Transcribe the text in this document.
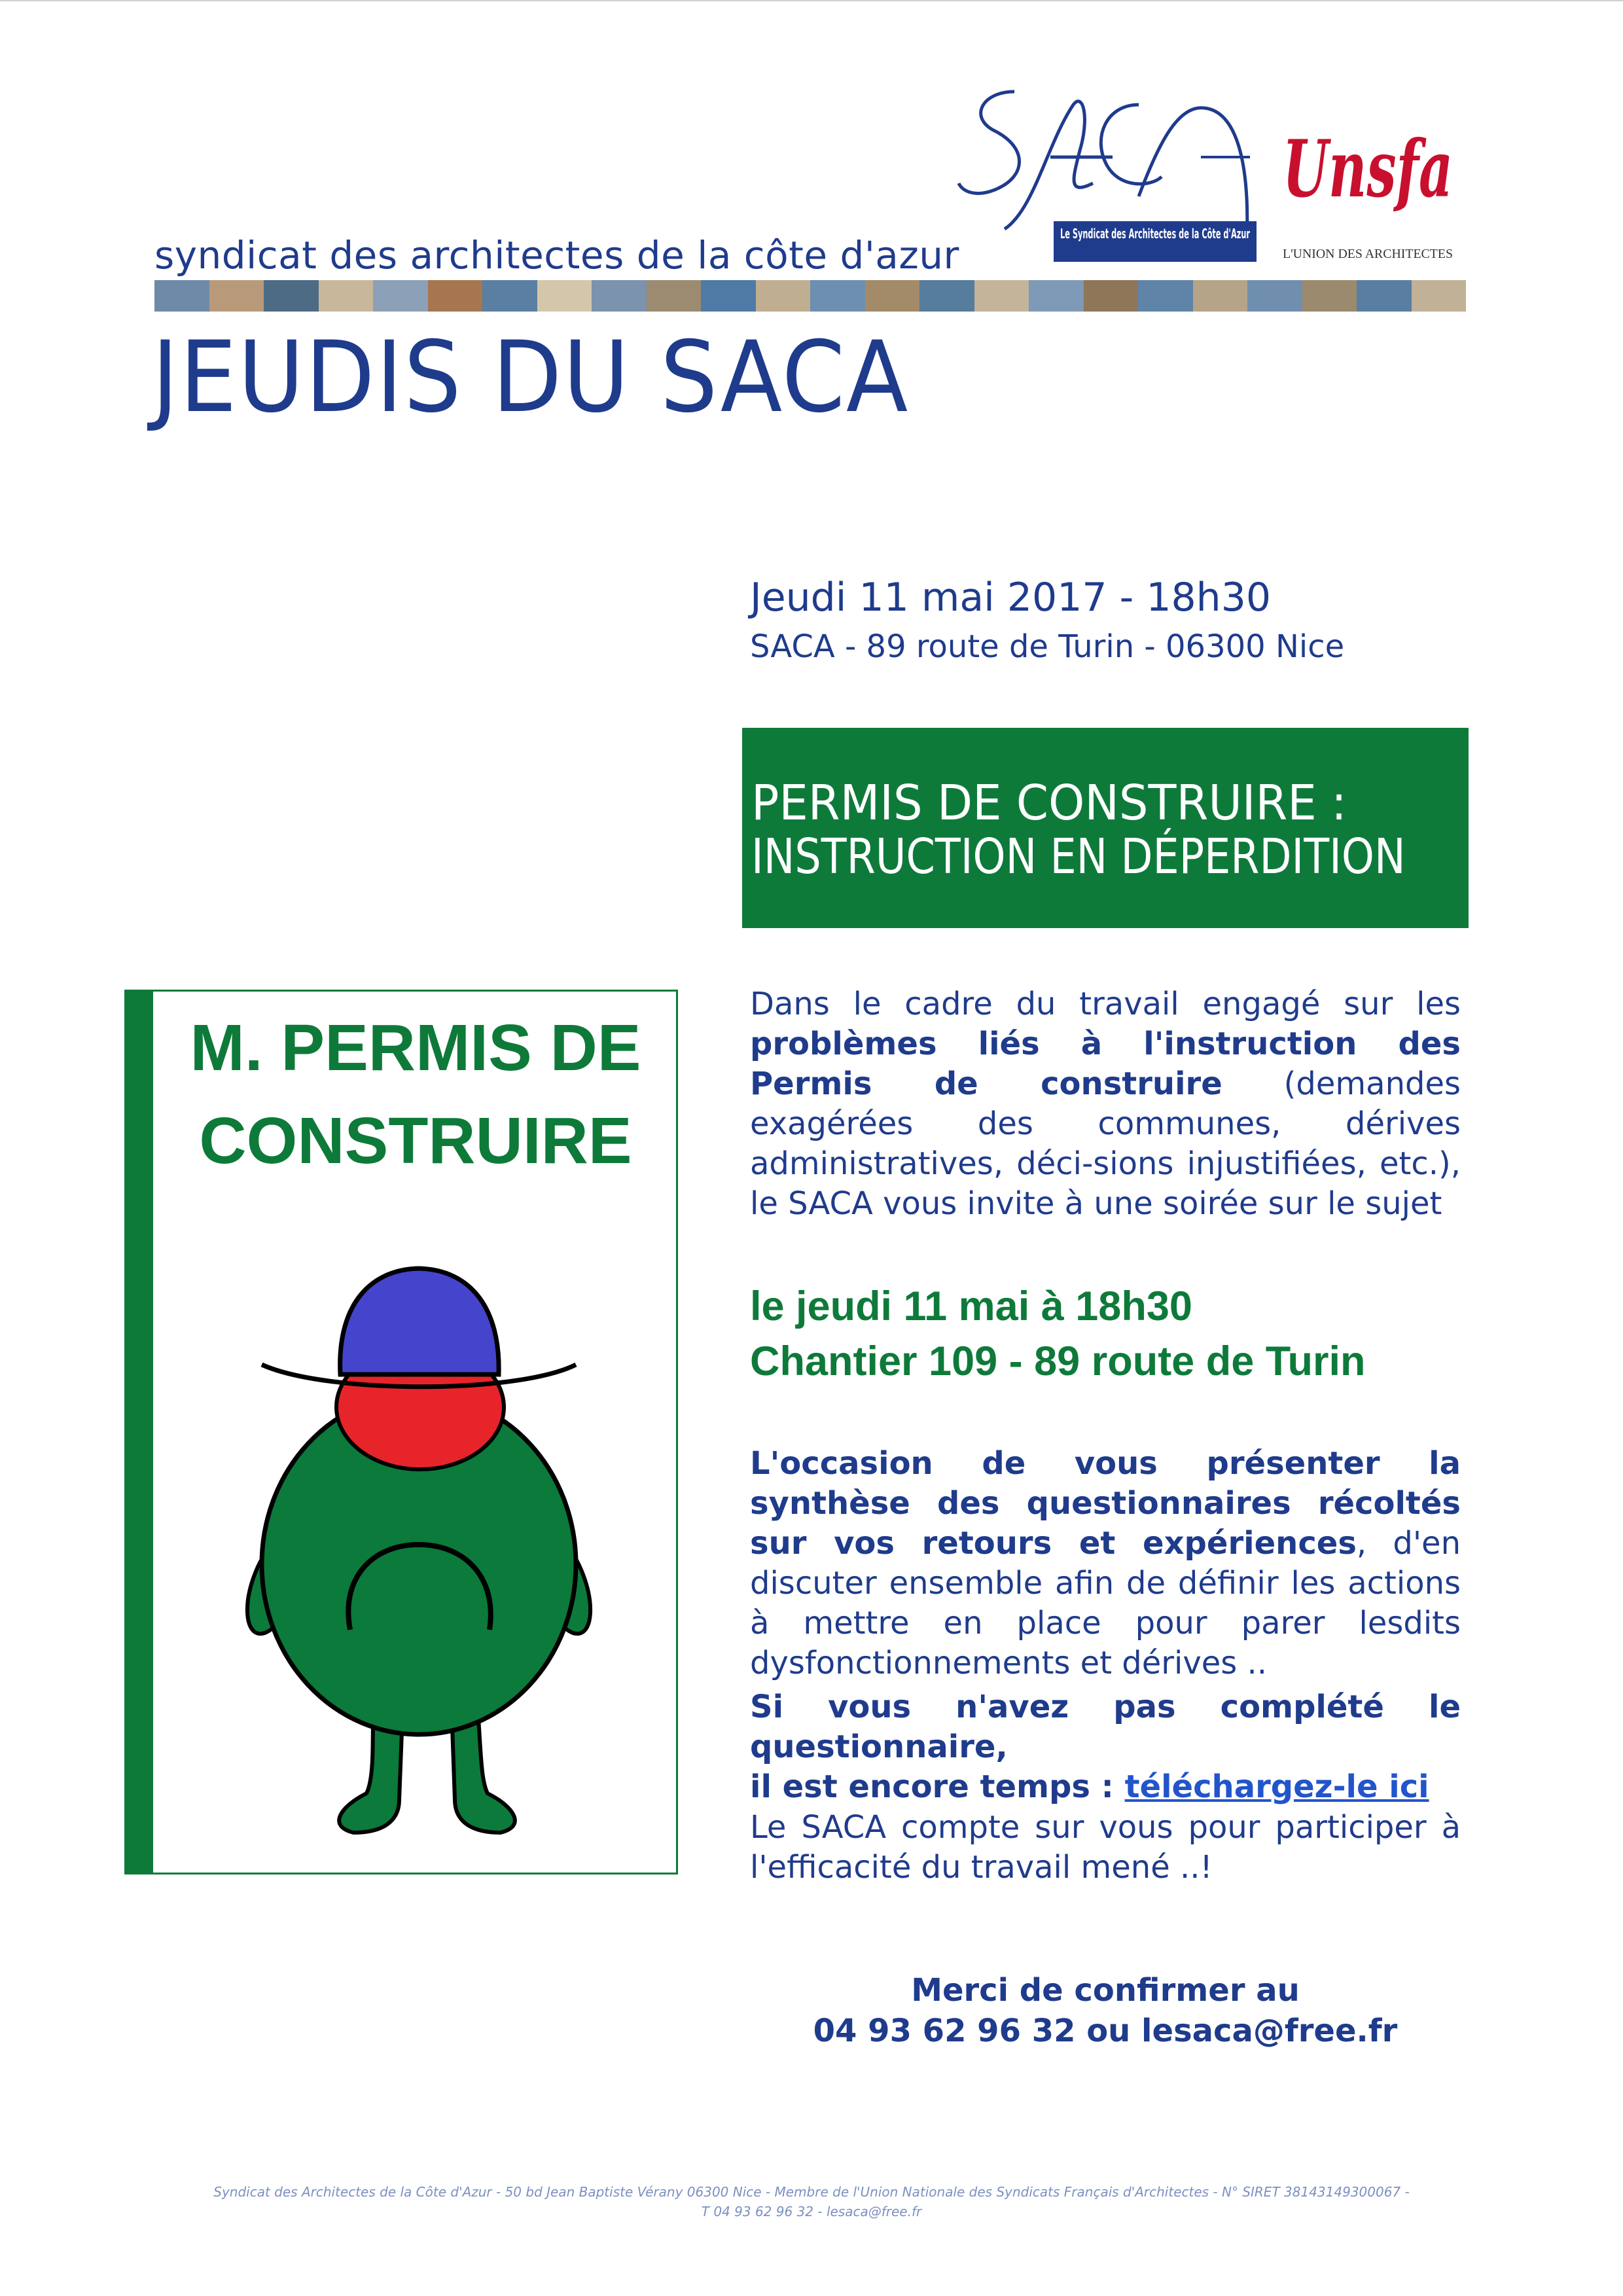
Le Syndicat des Architectes de la Côte d'Azur
Unsfa
L'UNION DES ARCHITECTES
syndicat des architectes de la côte d'azur
JEUDIS DU SACA
Jeudi 11 mai 2017 - 18h30
SACA - 89 route de Turin - 06300 Nice
PERMIS DE CONSTRUIRE :
INSTRUCTION EN DÉPERDITION
M. PERMIS DE
CONSTRUIRE
Dans le cadre du travail engagé sur les problèmes liés à l'instruction des Permis de construire (demandes exagérées des communes, dérives administratives, déci-sions injustifiées, etc.), le SACA vous invite à une soirée sur le sujet
le jeudi 11 mai à 18h30
Chantier 109 - 89 route de Turin
L'occasion de vous présenter la synthèse des questionnaires récoltés sur vos retours et expériences, d'en discuter ensemble afin de définir les actions à mettre en place pour parer lesdits dysfonctionnements et dérives ..
Si vous n'avez pas complété le questionnaire,
il est encore temps : téléchargez-le ici
Le SACA compte sur vous pour participer à l'efficacité du travail mené ..!
Merci de confirmer au
04 93 62 96 32 ou lesaca@free.fr
Syndicat des Architectes de la Côte d'Azur - 50 bd Jean Baptiste Vérany 06300 Nice - Membre de l'Union Nationale des Syndicats Français d'Architectes - N° SIRET 38143149300067 -
T 04 93 62 96 32 - lesaca@free.fr
